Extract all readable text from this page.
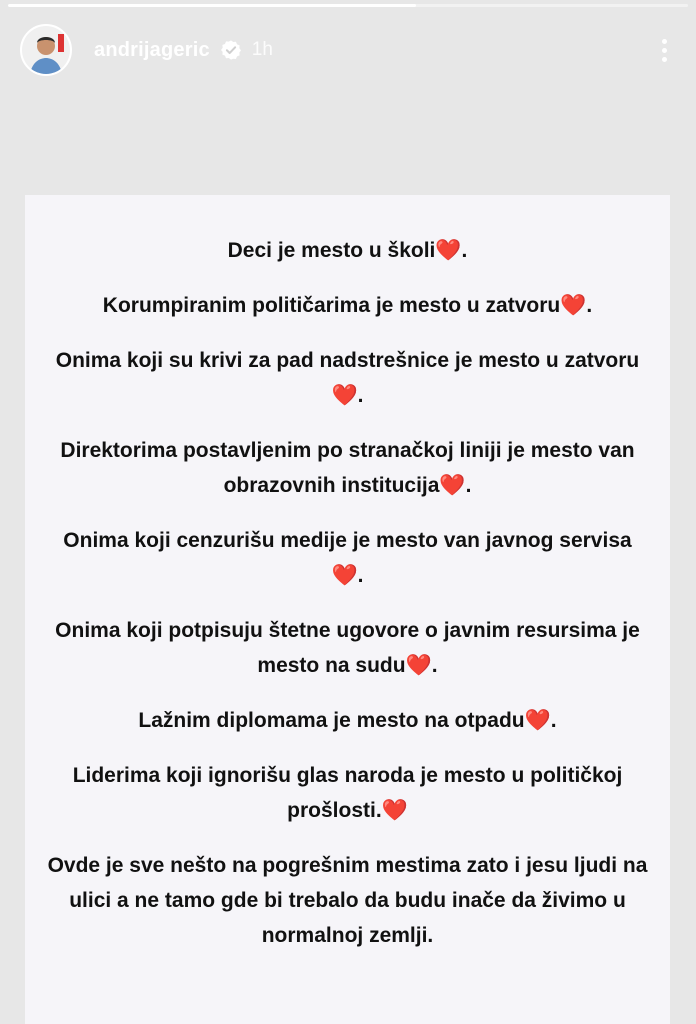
andrijageric 1h

Deci je mesto u školi❤️.

Korumpiranim političarima je mesto u zatvoru❤️.

Onima koji su krivi za pad nadstrešnice je mesto u zatvoru❤️.

Direktorima postavljenim po stranačkoj liniji je mesto van obrazovnih institucija❤️.

Onima koji cenzurišu medije je mesto van javnog servisa❤️.

Onima koji potpisuju štetne ugovore o javnim resursima je mesto na sudu❤️.

Lažnim diplomama je mesto na otpadu❤️.

Liderima koji ignorišu glas naroda je mesto u političkoj prošlosti.❤️

Ovde je sve nešto na pogrešnim mestima zato i jesu ljudi na ulici a ne tamo gde bi trebalo da budu inače da živimo u normalnoj zemlji.
